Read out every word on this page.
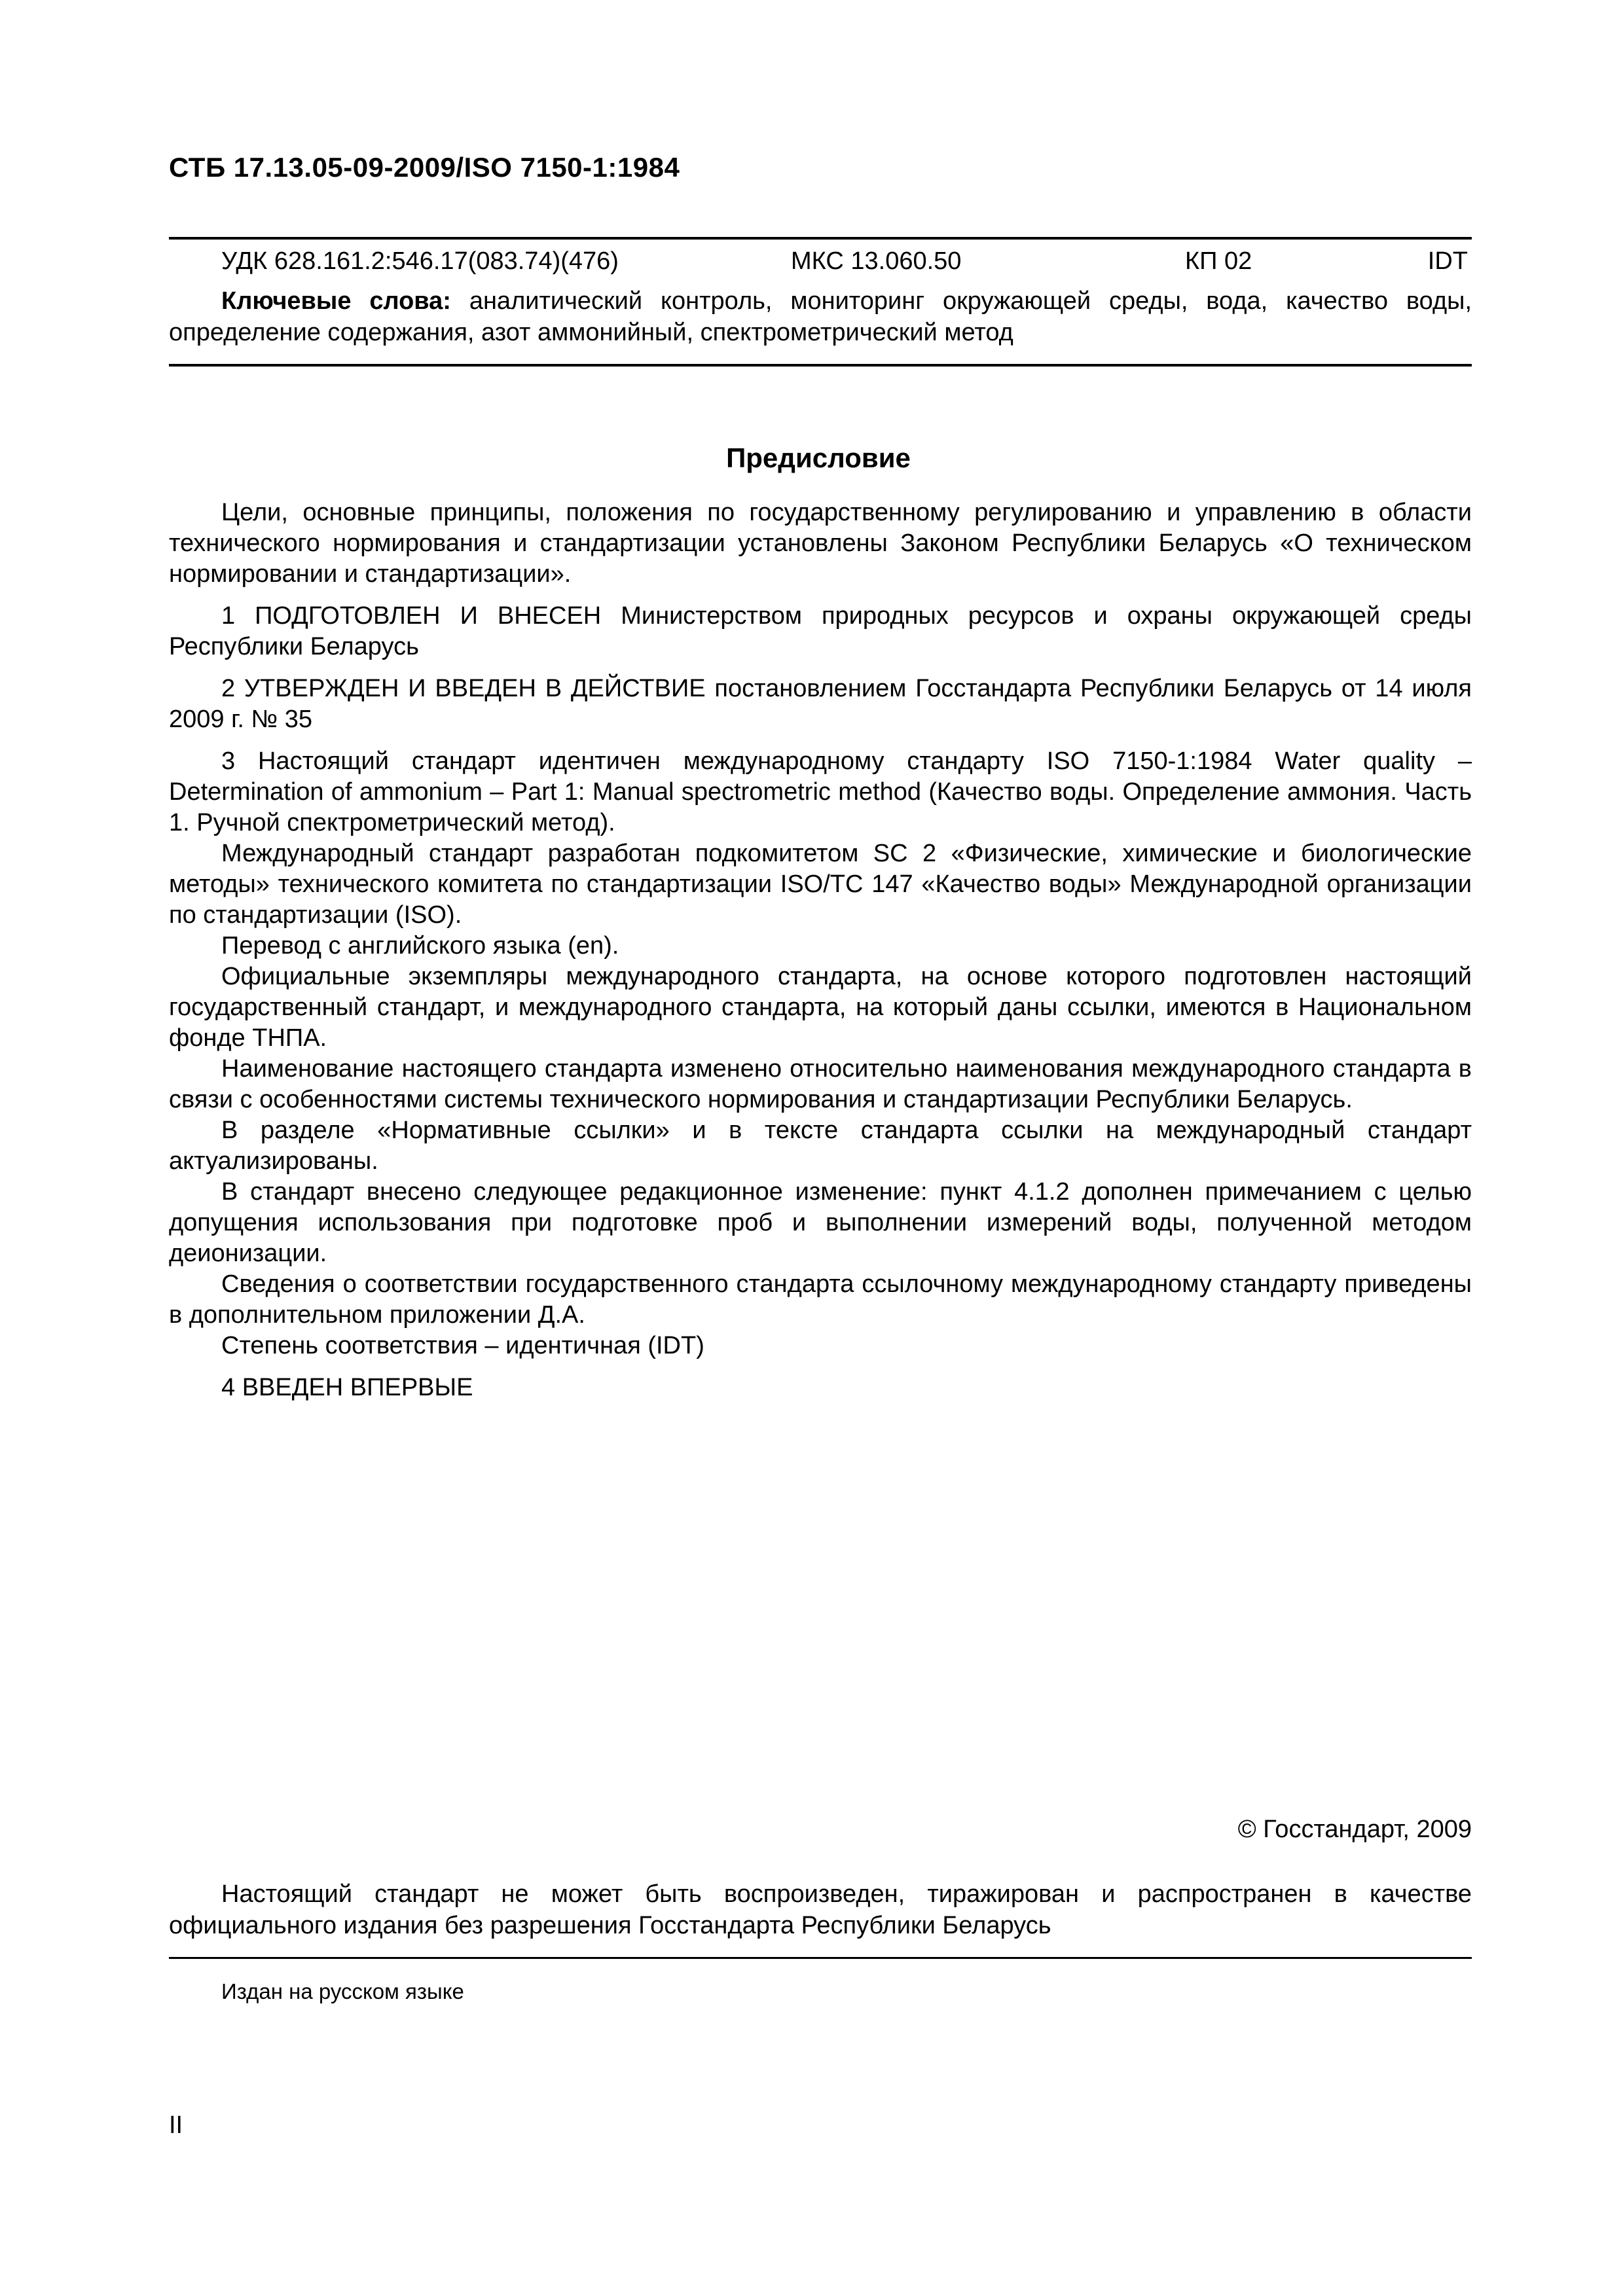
СТБ 17.13.05-09-2009/ISO 7150-1:1984
УДК 628.161.2:546.17(083.74)(476)	МКС 13.060.50	КП 02	IDT
Ключевые слова: аналитический контроль, мониторинг окружающей среды, вода, качество воды, определение содержания, азот аммонийный, спектрометрический метод
Предисловие

Цели, основные принципы, положения по государственному регулированию и управлению в области технического нормирования и стандартизации установлены Законом Республики Беларусь «О техническом нормировании и стандартизации».

1 ПОДГОТОВЛЕН И ВНЕСЕН Министерством природных ресурсов и охраны окружающей среды Республики Беларусь

2 УТВЕРЖДЕН И ВВЕДЕН В ДЕЙСТВИЕ постановлением Госстандарта Республики Беларусь от 14 июля 2009 г. № 35

3 Настоящий стандарт идентичен международному стандарту ISO 7150-1:1984 Water quality – Determination of ammonium – Part 1: Manual spectrometric method (Качество воды. Определение аммония. Часть 1. Ручной спектрометрический метод).

Международный стандарт разработан подкомитетом SC 2 «Физические, химические и биологические методы» технического комитета по стандартизации ISO/TC 147 «Качество воды» Международной организации по стандартизации (ISO).

Перевод с английского языка (en).

Официальные экземпляры международного стандарта, на основе которого подготовлен настоящий государственный стандарт, и международного стандарта, на который даны ссылки, имеются в Национальном фонде ТНПА.

Наименование настоящего стандарта изменено относительно наименования международного стандарта в связи с особенностями системы технического нормирования и стандартизации Республики Беларусь.

В разделе «Нормативные ссылки» и в тексте стандарта ссылки на международный стандарт актуализированы.

В стандарт внесено следующее редакционное изменение: пункт 4.1.2 дополнен примечанием с целью допущения использования при подготовке проб и выполнении измерений воды, полученной методом деионизации.

Сведения о соответствии государственного стандарта ссылочному международному стандарту приведены в дополнительном приложении Д.А.

Степень соответствия – идентичная (IDT)

4 ВВЕДЕН ВПЕРВЫЕ

© Госстандарт, 2009

Настоящий стандарт не может быть воспроизведен, тиражирован и распространен в качестве официального издания без разрешения Госстандарта Республики Беларусь

Издан на русском языке
II
